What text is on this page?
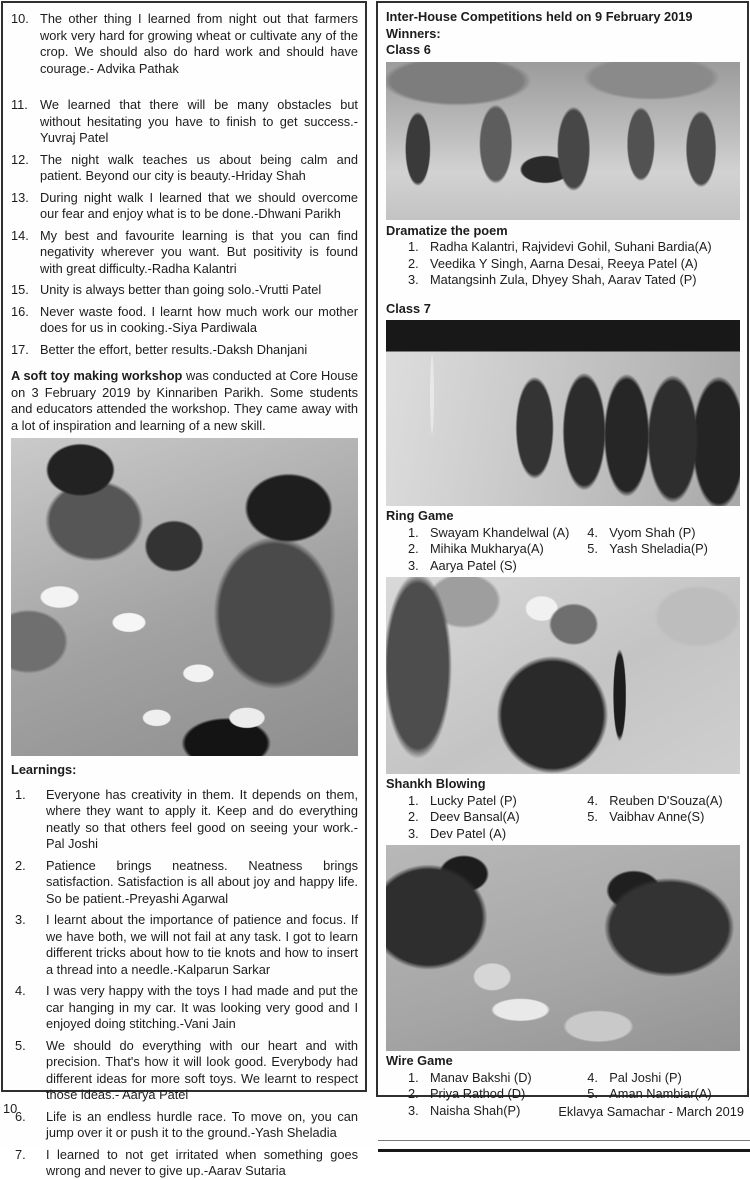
10. The other thing I learned from night out that farmers work very hard for growing wheat or cultivate any of the crop. We should also do hard work and should have courage.- Advika Pathak
11. We learned that there will be many obstacles but without hesitating you have to finish to get success.-Yuvraj Patel
12. The night walk teaches us about being calm and patient. Beyond our city is beauty.-Hriday Shah
13. During night walk I learned that we should overcome our fear and enjoy what is to be done.-Dhwani Parikh
14. My best and favourite learning is that you can find negativity wherever you want. But positivity is found with great difficulty.-Radha Kalantri
15. Unity is always better than going solo.-Vrutti Patel
16. Never waste food. I learnt how much work our mother does for us in cooking.-Siya Pardiwala
17. Better the effort, better results.-Daksh Dhanjani

A soft toy making workshop was conducted at Core House on 3 February 2019 by Kinnariben Parikh. Some students and educators attended the workshop. They came away with a lot of inspiration and learning of a new skill.

Learnings:
1.	Everyone has creativity in them. It depends on them, where they want to apply it. Keep and do everything neatly so that others feel good on seeing your work.- Pal Joshi
2.	Patience brings neatness. Neatness brings satisfaction. Satisfaction is all about joy and happy life. So be patient.-Preyashi Agarwal
3.	I learnt about the importance of patience and focus. If we have both, we will not fail at any task. I got to learn different tricks about how to tie knots and how to insert a thread into a needle.-Kalparun Sarkar
4.	I was very happy with the toys I had made and put the car hanging in my car. It was looking very good and I enjoyed doing stitching.-Vani Jain
5.	We should do everything with our heart and with precision. That's how it will look good. Everybody had different ideas for more soft toys. We learnt to respect those ideas.- Aarya Patel
6.	Life is an endless hurdle race. To move on, you can jump over it or push it to the ground.-Yash Sheladia
7.	I learned to not get irritated when something goes wrong and never to give up.-Aarav Sutaria
Inter-House Competitions held on 9 February 2019
Winners:
Class 6
Dramatize the poem
1. Radha Kalantri, Rajvidevi Gohil, Suhani Bardia(A)
2. Veedika Y Singh, Aarna Desai, Reeya Patel (A)
3. Matangsinh Zula, Dhyey Shah, Aarav Tated (P)
Class 7
Ring Game
1. Swayam Khandelwal (A)
2. Mihika Mukharya(A)
3. Aarya Patel (S)
4. Vyom Shah (P)
5. Yash Sheladia(P)
Shankh Blowing
1. Lucky Patel (P)
2. Deev Bansal(A)
3. Dev Patel (A)
4. Reuben D'Souza(A)
5. Vaibhav Anne(S)
Wire Game
1. Manav Bakshi (D)
2. Priya Rathod (D)
3. Naisha Shah(P)
4. Pal Joshi (P)
5. Aman Nambiar(A)
10	Eklavya Samachar - March 2019
